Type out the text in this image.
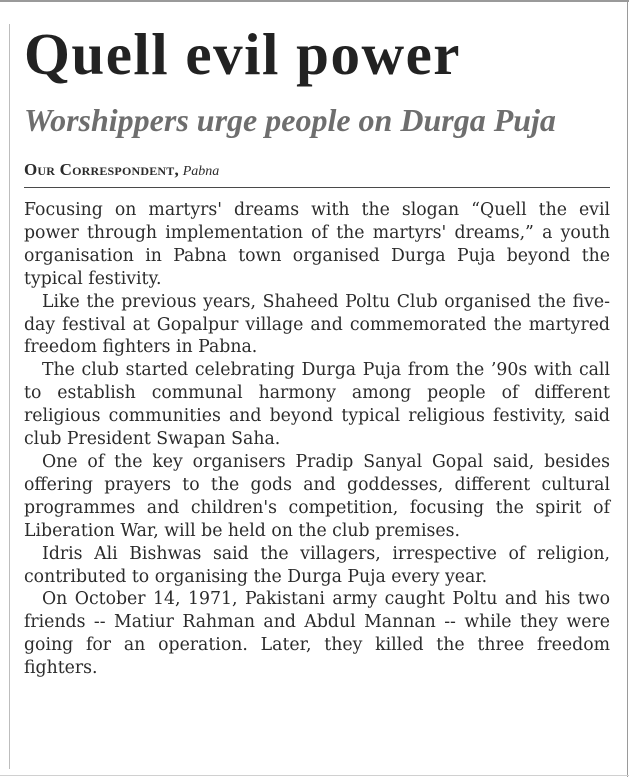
Quell evil power
Worshippers urge people on Durga Puja
Our Correspondent, Pabna

Focusing on martyrs' dreams with the slogan “Quell the evil power through implementation of the martyrs' dreams,” a youth organisation in Pabna town organised Durga Puja beyond the typical festivity.

Like the previous years, Shaheed Poltu Club organised the five-day festival at Gopalpur village and commemorated the martyred freedom fighters in Pabna.

The club started celebrating Durga Puja from the ’90s with call to establish communal harmony among people of different religious communities and beyond typical religious festivity, said club President Swapan Saha.

One of the key organisers Pradip Sanyal Gopal said, besides offering prayers to the gods and goddesses, different cultural programmes and children's competition, focusing the spirit of Liberation War, will be held on the club premises.

Idris Ali Bishwas said the villagers, irrespective of religion, contributed to organising the Durga Puja every year.

On October 14, 1971, Pakistani army caught Poltu and his two friends -- Matiur Rahman and Abdul Mannan -- while they were going for an operation. Later, they killed the three freedom fighters.
